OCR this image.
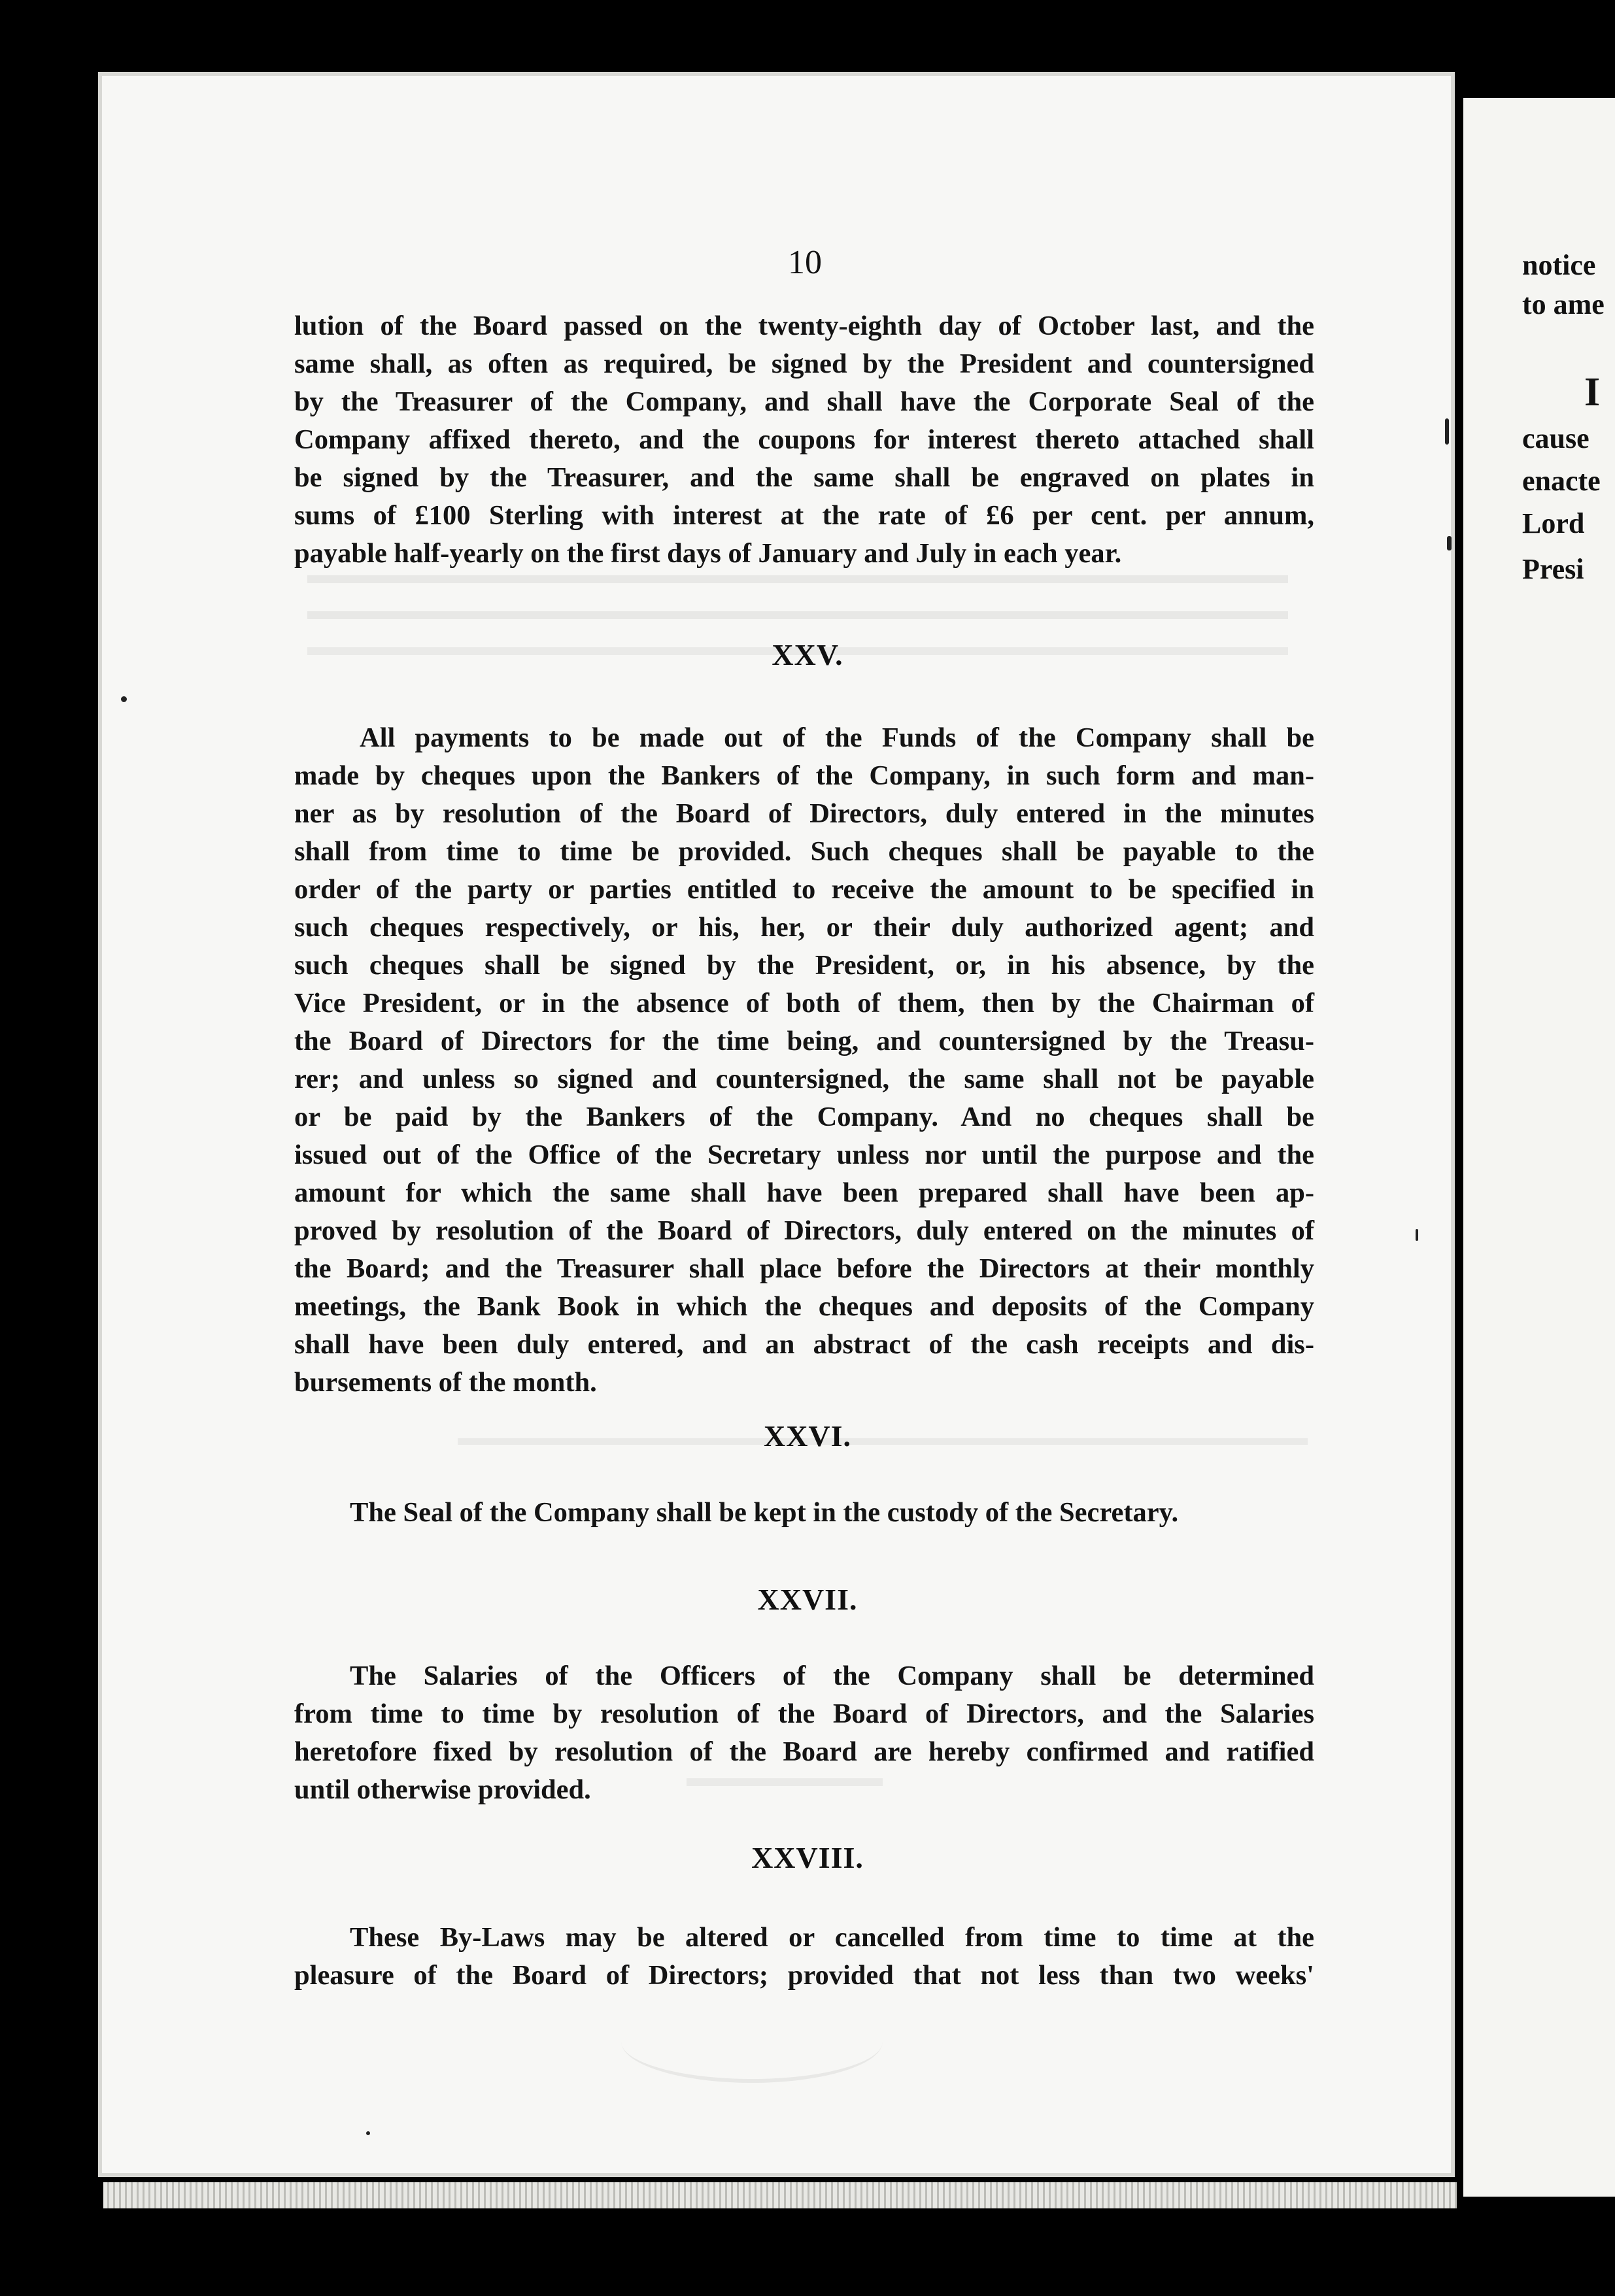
notice
to ame
I
cause
enacte
Lord
Presi
10
lution of the Board passed on the twenty-eighth day of October last, and the
same shall, as often as required, be signed by the President and countersigned
by the Treasurer of the Company, and shall have the Corporate Seal of the
Company affixed thereto, and the coupons for interest thereto attached shall
be signed by the Treasurer, and the same shall be engraved on plates in
sums of £100 Sterling with interest at the rate of £6 per cent. per annum,
payable half-yearly on the first days of January and July in each year.
XXV.
All payments to be made out of the Funds of the Company shall be
made by cheques upon the Bankers of the Company, in such form and man-
ner as by resolution of the Board of Directors, duly entered in the minutes
shall from time to time be provided. Such cheques shall be payable to the
order of the party or parties entitled to receive the amount to be specified in
such cheques respectively, or his, her, or their duly authorized agent; and
such cheques shall be signed by the President, or, in his absence, by the
Vice President, or in the absence of both of them, then by the Chairman of
the Board of Directors for the time being, and countersigned by the Treasu-
rer; and unless so signed and countersigned, the same shall not be payable
or be paid by the Bankers of the Company. And no cheques shall be
issued out of the Office of the Secretary unless nor until the purpose and the
amount for which the same shall have been prepared shall have been ap-
proved by resolution of the Board of Directors, duly entered on the minutes of
the Board; and the Treasurer shall place before the Directors at their monthly
meetings, the Bank Book in which the cheques and deposits of the Company
shall have been duly entered, and an abstract of the cash receipts and dis-
bursements of the month.
XXVI.
The Seal of the Company shall be kept in the custody of the Secretary.
XXVII.
The Salaries of the Officers of the Company shall be determined
from time to time by resolution of the Board of Directors, and the Salaries
heretofore fixed by resolution of the Board are hereby confirmed and ratified
until otherwise provided.
XXVIII.
These By-Laws may be altered or cancelled from time to time at the
pleasure of the Board of Directors; provided that not less than two weeks'
